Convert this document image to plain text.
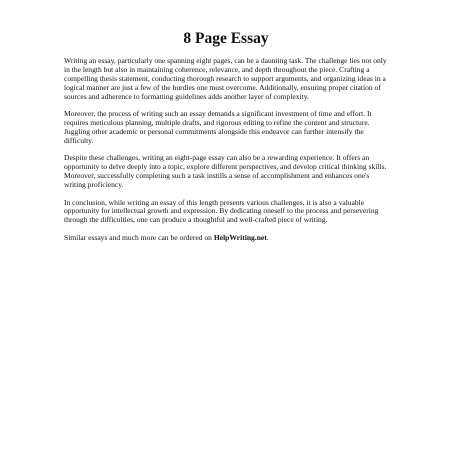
8 Page Essay

Writing an essay, particularly one spanning eight pages, can be a daunting task. The challenge lies not only in the length but also in maintaining coherence, relevance, and depth throughout the piece. Crafting a compelling thesis statement, conducting thorough research to support arguments, and organizing ideas in a logical manner are just a few of the hurdles one must overcome. Additionally, ensuring proper citation of sources and adherence to formatting guidelines adds another layer of complexity.

Moreover, the process of writing such an essay demands a significant investment of time and effort. It requires meticulous planning, multiple drafts, and rigorous editing to refine the content and structure. Juggling other academic or personal commitments alongside this endeavor can further intensify the difficulty.

Despite these challenges, writing an eight-page essay can also be a rewarding experience. It offers an opportunity to delve deeply into a topic, explore different perspectives, and develop critical thinking skills. Moreover, successfully completing such a task instills a sense of accomplishment and enhances one's writing proficiency.

In conclusion, while writing an essay of this length presents various challenges, it is also a valuable opportunity for intellectual growth and expression. By dedicating oneself to the process and persevering through the difficulties, one can produce a thoughtful and well-crafted piece of writing.

Similar essays and much more can be ordered on HelpWriting.net.
